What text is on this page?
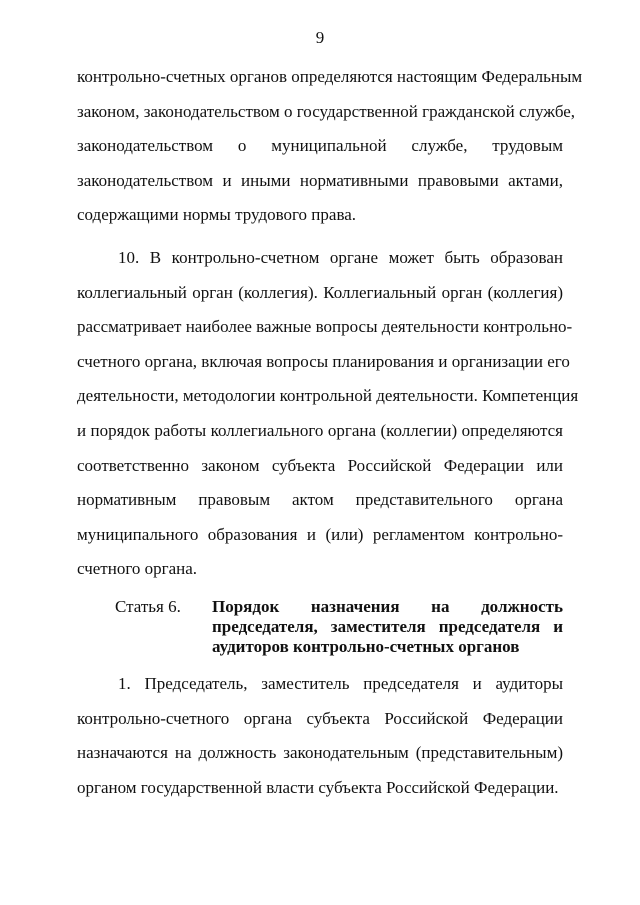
9
контрольно-счетных органов определяются настоящим Федеральным
законом, законодательством о государственной гражданской службе,
законодательством о муниципальной службе, трудовым
законодательством и иными нормативными правовыми актами,
содержащими нормы трудового права.
10. В контрольно-счетном органе может быть образован
коллегиальный орган (коллегия). Коллегиальный орган (коллегия)
рассматривает наиболее важные вопросы деятельности контрольно-
счетного органа, включая вопросы планирования и организации его
деятельности, методологии контрольной деятельности. Компетенция
и порядок работы коллегиального органа (коллегии) определяются
соответственно законом субъекта Российской Федерации или
нормативным правовым актом представительного органа
муниципального образования и (или) регламентом контрольно-
счетного органа.
Статья 6. Порядок назначения на должность
председателя, заместителя председателя и
аудиторов контрольно-счетных органов
1. Председатель, заместитель председателя и аудиторы
контрольно-счетного органа субъекта Российской Федерации
назначаются на должность законодательным (представительным)
органом государственной власти субъекта Российской Федерации.
